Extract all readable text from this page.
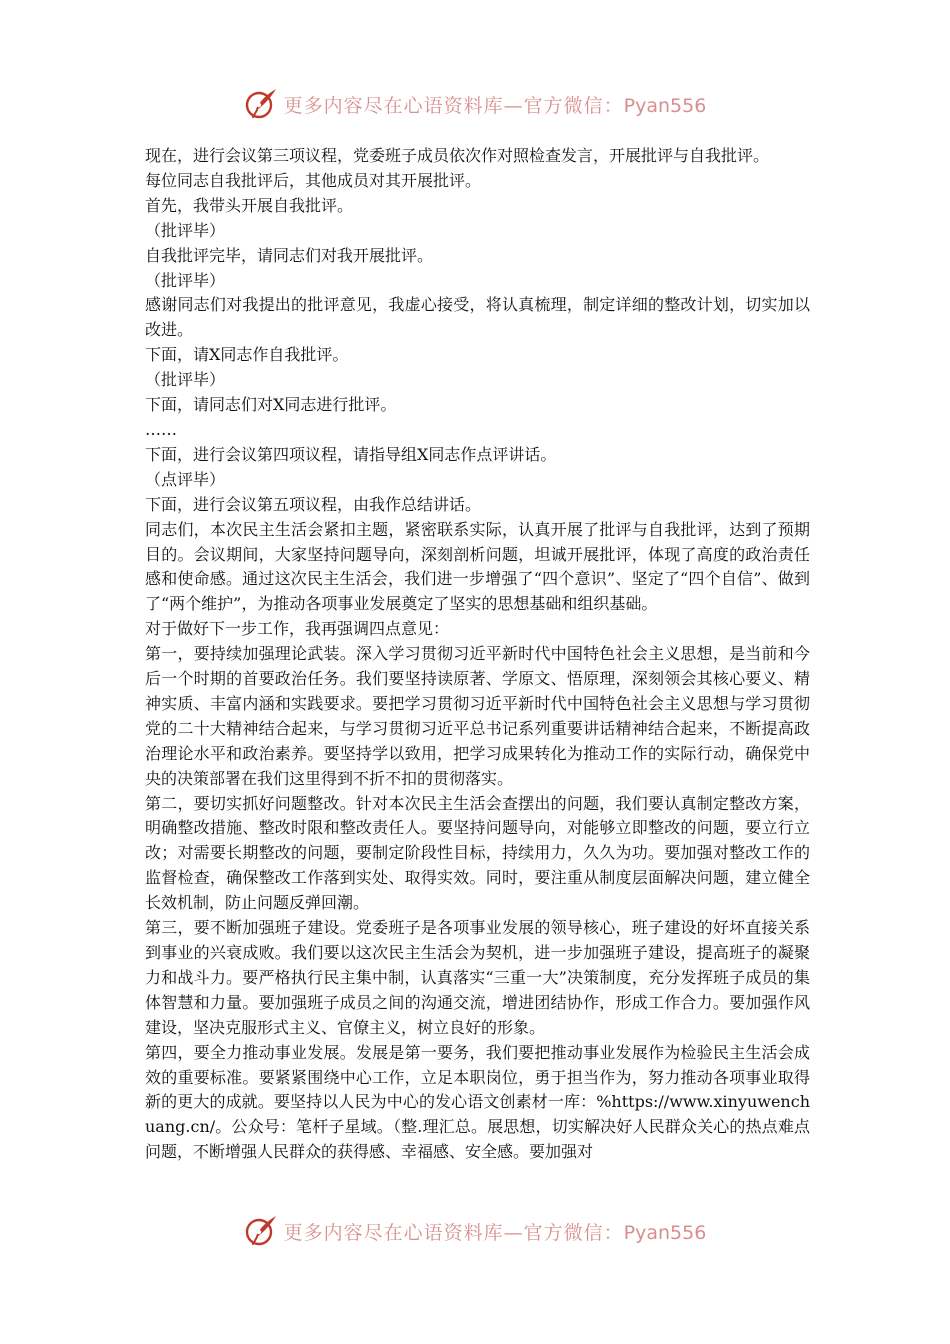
更多内容尽在心语资料库—官方微信：Pyan556

现在，进行会议第三项议程，党委班子成员依次作对照检查发言，开展批评与自我批评。

每位同志自我批评后，其他成员对其开展批评。

首先，我带头开展自我批评。

（批评毕）

自我批评完毕，请同志们对我开展批评。

（批评毕）

感谢同志们对我提出的批评意见，我虚心接受，将认真梳理，制定详细的整改计划，切实加以改进。

下面，请X同志作自我批评。

（批评毕）

下面，请同志们对X同志进行批评。

……

下面，进行会议第四项议程，请指导组X同志作点评讲话。

（点评毕）

下面，进行会议第五项议程，由我作总结讲话。

同志们，本次民主生活会紧扣主题，紧密联系实际，认真开展了批评与自我批评，达到了预期目的。会议期间，大家坚持问题导向，深刻剖析问题，坦诚开展批评，体现了高度的政治责任感和使命感。通过这次民主生活会，我们进一步增强了“四个意识”、坚定了“四个自信”、做到了“两个维护”，为推动各项事业发展奠定了坚实的思想基础和组织基础。

对于做好下一步工作，我再强调四点意见：

第一，要持续加强理论武装。深入学习贯彻习近平新时代中国特色社会主义思想，是当前和今后一个时期的首要政治任务。我们要坚持读原著、学原文、悟原理，深刻领会其核心要义、精神实质、丰富内涵和实践要求。要把学习贯彻习近平新时代中国特色社会主义思想与学习贯彻党的二十大精神结合起来，与学习贯彻习近平总书记系列重要讲话精神结合起来，不断提高政治理论水平和政治素养。要坚持学以致用，把学习成果转化为推动工作的实际行动，确保党中央的决策部署在我们这里得到不折不扣的贯彻落实。

第二，要切实抓好问题整改。针对本次民主生活会查摆出的问题，我们要认真制定整改方案，明确整改措施、整改时限和整改责任人。要坚持问题导向，对能够立即整改的问题，要立行立改；对需要长期整改的问题，要制定阶段性目标，持续用力，久久为功。要加强对整改工作的监督检查，确保整改工作落到实处、取得实效。同时，要注重从制度层面解决问题，建立健全长效机制，防止问题反弹回潮。

第三，要不断加强班子建设。党委班子是各项事业发展的领导核心，班子建设的好坏直接关系到事业的兴衰成败。我们要以这次民主生活会为契机，进一步加强班子建设，提高班子的凝聚力和战斗力。要严格执行民主集中制，认真落实“三重一大”决策制度，充分发挥班子成员的集体智慧和力量。要加强班子成员之间的沟通交流，增进团结协作，形成工作合力。要加强作风建设，坚决克服形式主义、官僚主义，树立良好的形象。

第四，要全力推动事业发展。发展是第一要务，我们要把推动事业发展作为检验民主生活会成效的重要标准。要紧紧围绕中心工作，立足本职岗位，勇于担当作为，努力推动各项事业取得新的更大的成就。要坚持以人民为中心的发心语文创素材一库：%https://www.xinyuwenchuang.cn/。公众号：笔杆子星域。（整.理汇总。展思想，切实解决好人民群众关心的热点难点问题，不断增强人民群众的获得感、幸福感、安全感。要加强对

更多内容尽在心语资料库—官方微信：Pyan556
